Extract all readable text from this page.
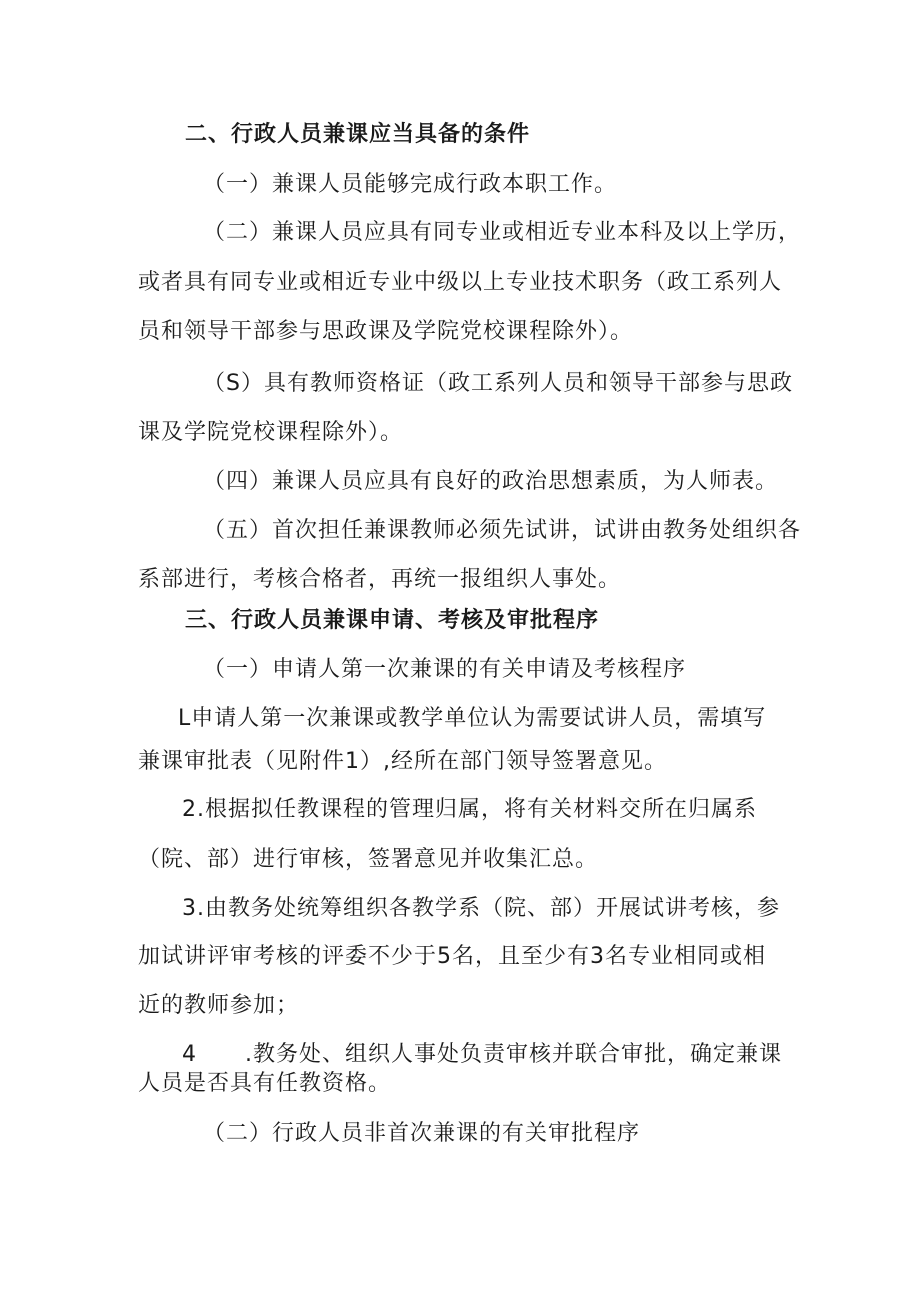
二、行政人员兼课应当具备的条件
（一）兼课人员能够完成行政本职工作。
（二）兼课人员应具有同专业或相近专业本科及以上学历，
或者具有同专业或相近专业中级以上专业技术职务（政工系列人
员和领导干部参与思政课及学院党校课程除外）。
（S）具有教师资格证（政工系列人员和领导干部参与思政
课及学院党校课程除外）。
（四）兼课人员应具有良好的政治思想素质，为人师表。
（五）首次担任兼课教师必须先试讲，试讲由教务处组织各
系部进行，考核合格者，再统一报组织人事处。
三、行政人员兼课申请、考核及审批程序
（一）申请人第一次兼课的有关申请及考核程序
L申请人第一次兼课或教学单位认为需要试讲人员，需填写
兼课审批表（见附件1）,经所在部门领导签署意见。
2.根据拟任教课程的管理归属，将有关材料交所在归属系
（院、部）进行审核，签署意见并收集汇总。
3.由教务处统筹组织各教学系（院、部）开展试讲考核，参
加试讲评审考核的评委不少于5名，且至少有3名专业相同或相
近的教师参加；
4      .教务处、组织人事处负责审核并联合审批，确定兼课
人员是否具有任教资格。
（二）行政人员非首次兼课的有关审批程序
